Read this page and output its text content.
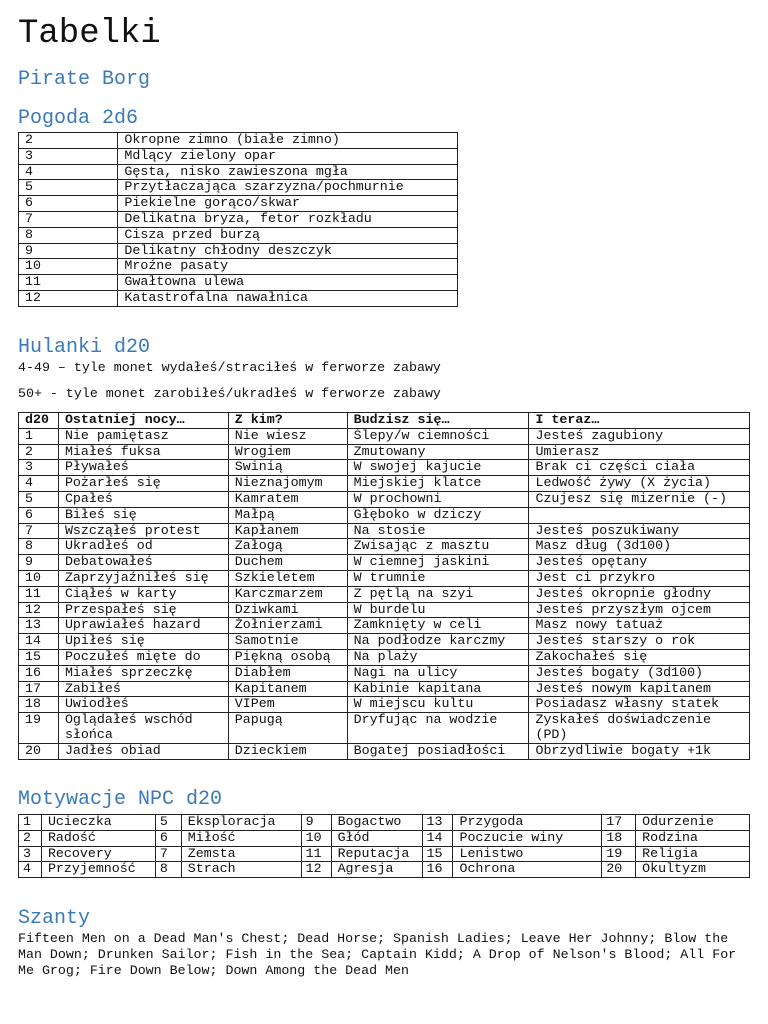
Tabelki
Pirate Borg
Pogoda 2d6
2	Okropne zimno (białe zimno)
3	Mdlący zielony opar
4	Gęsta, nisko zawieszona mgła
5	Przytłaczająca szarzyzna/pochmurnie
6	Piekielne gorąco/skwar
7	Delikatna bryza, fetor rozkładu
8	Cisza przed burzą
9	Delikatny chłodny deszczyk
10	Mroźne pasaty
11	Gwałtowna ulewa
12	Katastrofalna nawałnica
Hulanki d20

4-49 – tyle monet wydałeś/straciłeś w ferworze zabawy

50+ - tyle monet zarobiłeś/ukradłeś w ferworze zabawy

d20	Ostatniej nocy…	Z kim?	Budzisz się…	I teraz…
1	Nie pamiętasz	Nie wiesz	Ślepy/w ciemności	Jesteś zagubiony
2	Miałeś fuksa	Wrogiem	Zmutowany	Umierasz
3	Pływałeś	Swinią	W swojej kajucie	Brak ci części ciała
4	Pożarłeś się	Nieznajomym	Miejskiej klatce	Ledwość żywy (X życia)
5	Cpałeś	Kamratem	W prochowni	Czujesz się mizernie (-)
6	Biłeś się	Małpą	Głęboko w dziczy	
7	Wszcząłeś protest	Kapłanem	Na stosie	Jesteś poszukiwany
8	Ukradłeś od	Załogą	Zwisając z masztu	Masz dług (3d100)
9	Debatowałeś	Duchem	W ciemnej jaskini	Jesteś opętany
10	Zaprzyjaźniłeś się	Szkieletem	W trumnie	Jest ci przykro
11	Ciąłeś w karty	Karczmarzem	Z pętlą na szyi	Jesteś okropnie głodny
12	Przespałeś się	Dziwkami	W burdelu	Jesteś przyszłym ojcem
13	Uprawiałeś hazard	Żołnierzami	Zamknięty w celi	Masz nowy tatuaż
14	Upiłeś się	Samotnie	Na podłodze karczmy	Jesteś starszy o rok
15	Poczułeś mięte do	Piękną osobą	Na plaży	Zakochałeś się
16	Miałeś sprzeczkę	Diabłem	Nagi na ulicy	Jesteś bogaty (3d100)
17	Zabiłeś	Kapitanem	Kabinie kapitana	Jesteś nowym kapitanem
18	Uwiodłeś	VIPem	W miejscu kultu	Posiadasz własny statek
19	Oglądałeś wschód słońca	Papugą	Dryfując na wodzie	Zyskałeś doświadczenie (PD)
20	Jadłeś obiad	Dzieckiem	Bogatej posiadłości	Obrzydliwie bogaty +1k
Motywacje NPC d20
1	Ucieczka	5	Eksploracja	9	Bogactwo	13	Przygoda	17	Odurzenie
2	Radość	6	Miłość	10	Głód	14	Poczucie winy	18	Rodzina
3	Recovery	7	Zemsta	11	Reputacja	15	Lenistwo	19	Religia
4	Przyjemność	8	Strach	12	Agresja	16	Ochrona	20	Okultyzm
Szanty

Fifteen Men on a Dead Man's Chest; Dead Horse; Spanish Ladies; Leave Her Johnny; Blow the Man Down; Drunken Sailor; Fish in the Sea; Captain Kidd; A Drop of Nelson's Blood; All For Me Grog; Fire Down Below; Down Among the Dead Men
